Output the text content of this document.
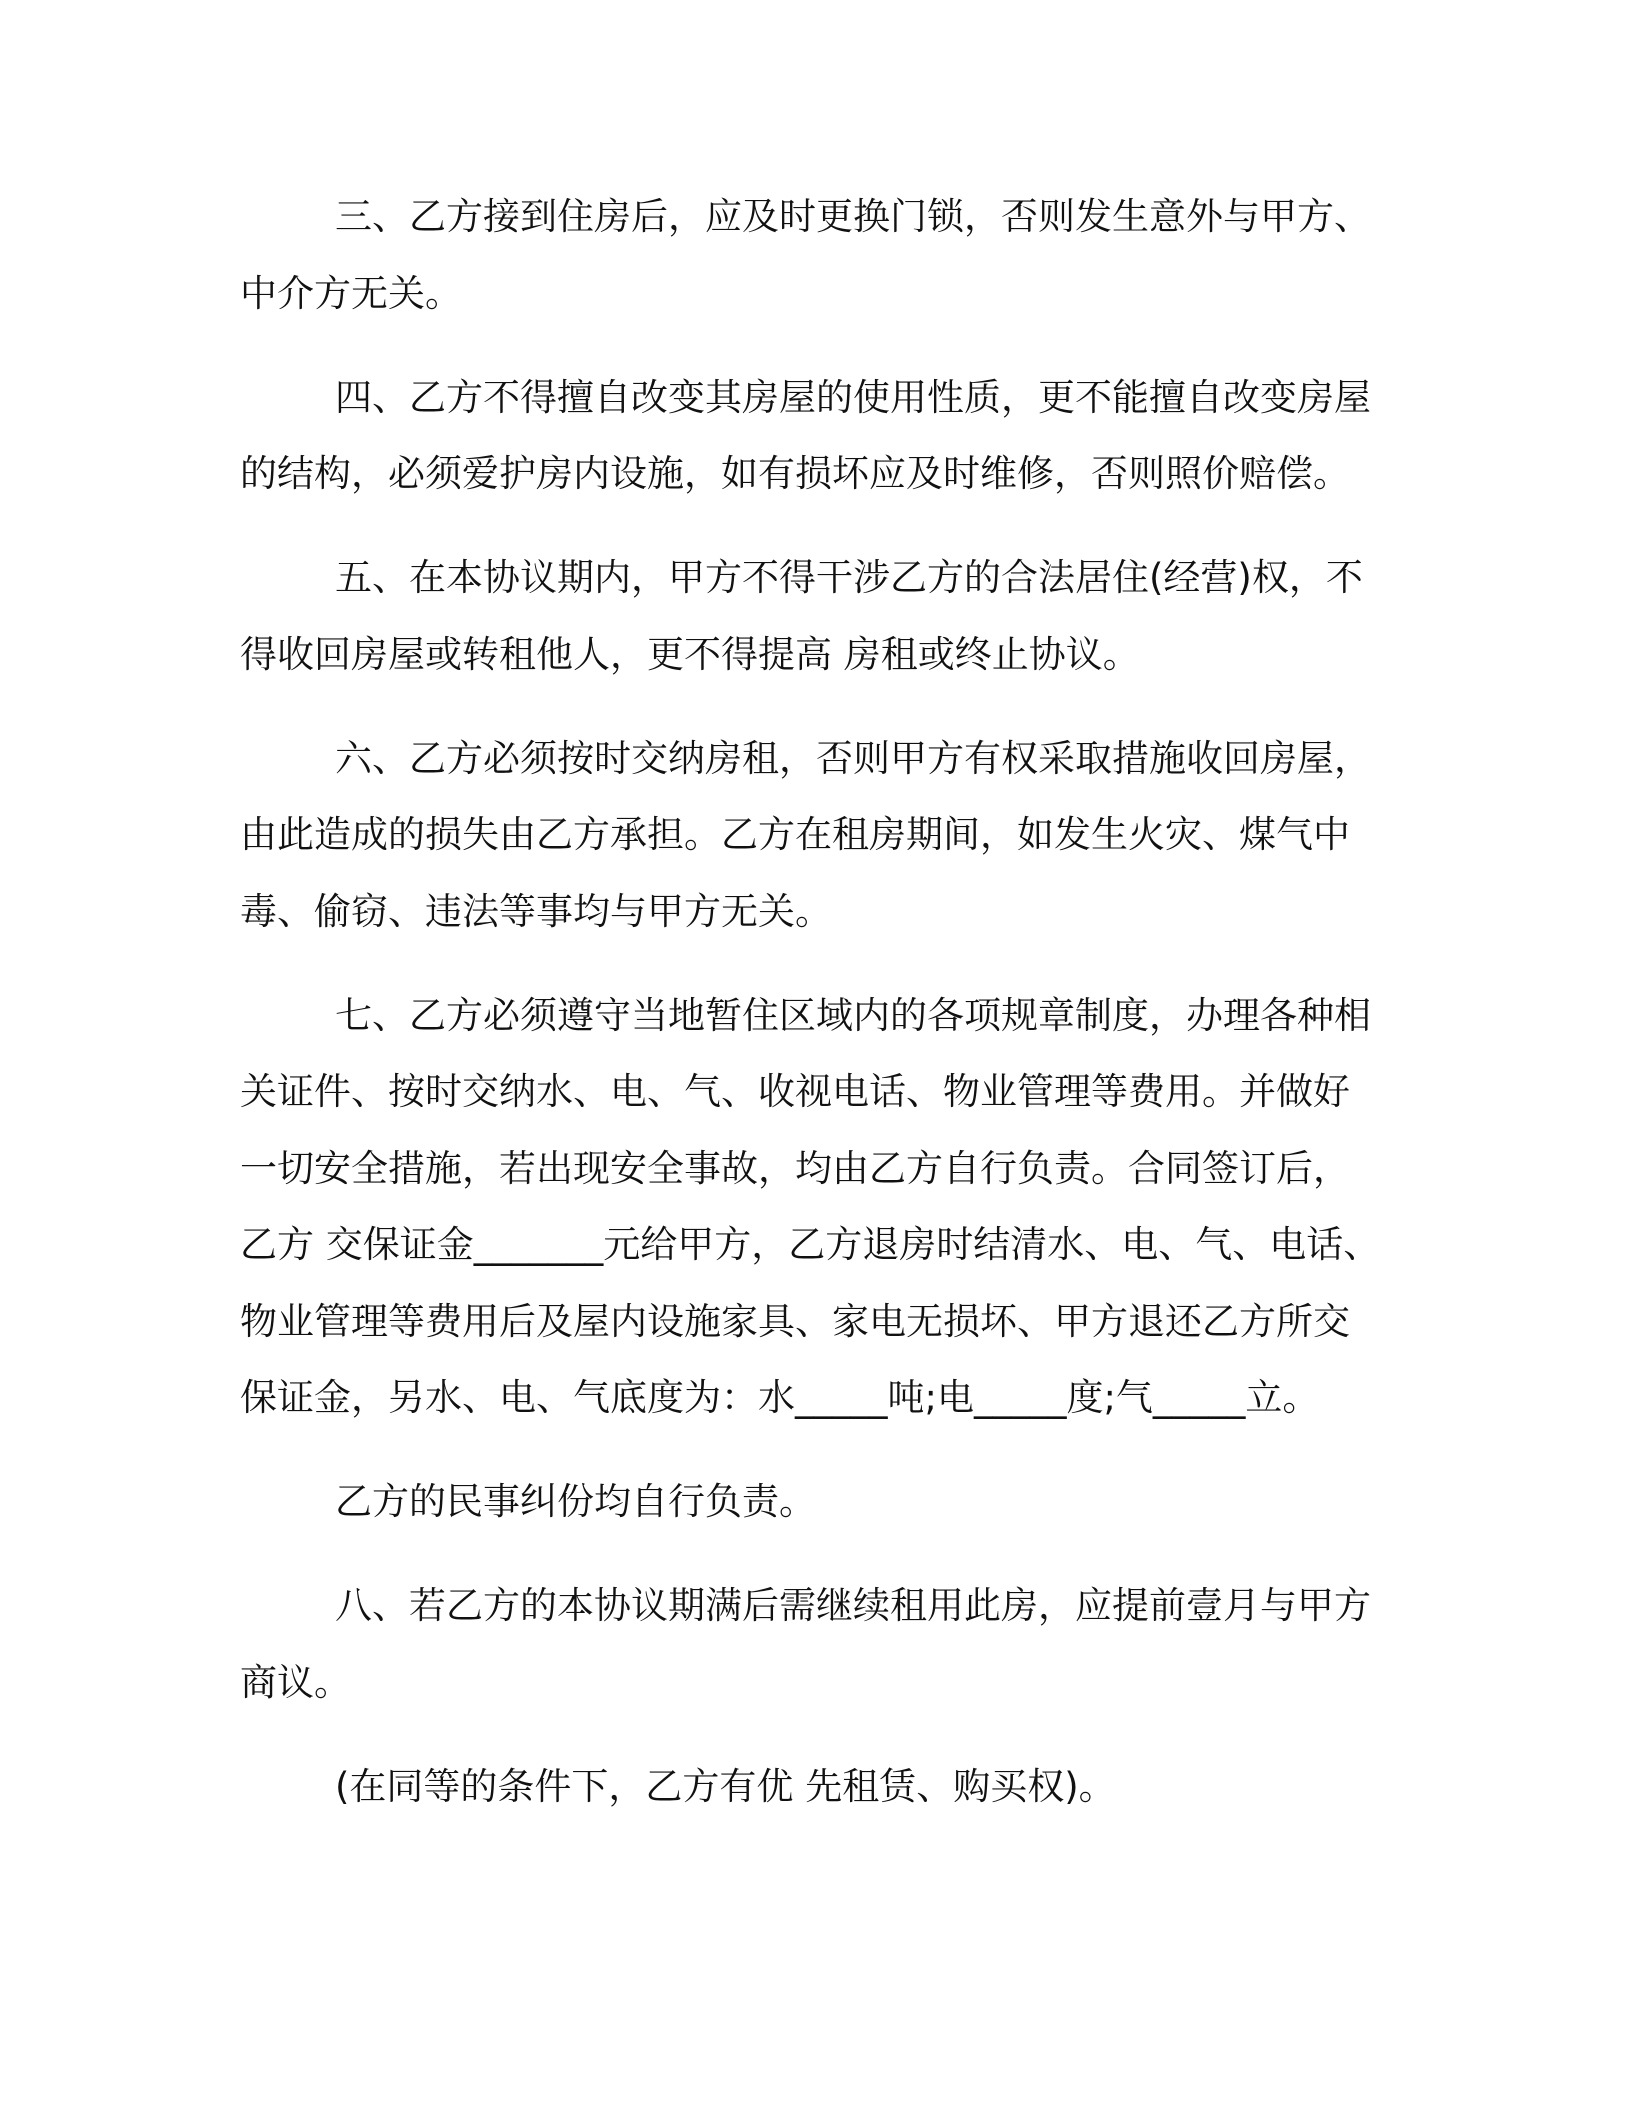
三、乙方接到住房后，应及时更换门锁，否则发生意外与甲方、
中介方无关。
四、乙方不得擅自改变其房屋的使用性质，更不能擅自改变房屋
的结构，必须爱护房内设施，如有损坏应及时维修，否则照价赔偿。
五、在本协议期内，甲方不得干涉乙方的合法居住(经营)权，不
得收回房屋或转租他人，更不得提高 房租或终止协议。
六、乙方必须按时交纳房租，否则甲方有权采取措施收回房屋，
由此造成的损失由乙方承担。乙方在租房期间，如发生火灾、煤气中
毒、偷窃、违法等事均与甲方无关。
七、乙方必须遵守当地暂住区域内的各项规章制度，办理各种相
关证件、按时交纳水、电、气、收视电话、物业管理等费用。并做好
一切安全措施，若出现安全事故，均由乙方自行负责。合同签订后，
乙方 交保证金_______元给甲方，乙方退房时结清水、电、气、电话、
物业管理等费用后及屋内设施家具、家电无损坏、甲方退还乙方所交
保证金，另水、电、气底度为：水_____吨;电_____度;气_____立。
乙方的民事纠份均自行负责。
八、若乙方的本协议期满后需继续租用此房，应提前壹月与甲方
商议。
(在同等的条件下，乙方有优 先租赁、购买权)。
